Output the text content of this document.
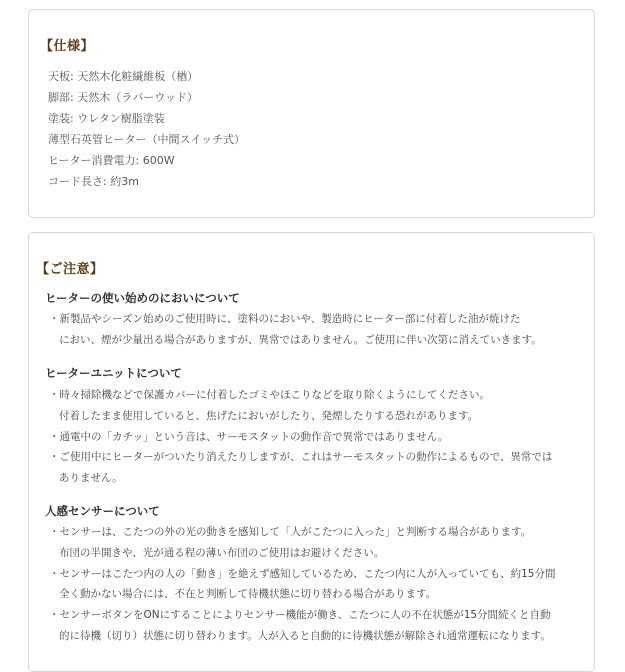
【仕様】
天板: 天然木化粧繊維板（楢）
脚部: 天然木（ラバーウッド）
塗装: ウレタン樹脂塗装
薄型石英管ヒーター（中間スイッチ式）
ヒーター消費電力: 600W
コード長さ: 約3m
【ご注意】
ヒーターの使い始めのにおいについて
・新製品やシーズン始めのご使用時に、塗料のにおいや、製造時にヒーター部に付着した油が焼けた
におい、煙が少量出る場合がありますが、異常ではありません。ご使用に伴い次第に消えていきます。
ヒーターユニットについて
・時々掃除機などで保護カバーに付着したゴミやほこりなどを取り除くようにしてください。
付着したまま使用していると、焦げたにおいがしたり、発煙したりする恐れがあります。
・通電中の「カチッ」という音は、サーモスタットの動作音で異常ではありません。
・ご使用中にヒーターがついたり消えたりしますが、これはサーモスタットの動作によるもので、異常では
ありません。
人感センサーについて
・センサーは、こたつの外の光の動きを感知して「人がこたつに入った」と判断する場合があります。
布団の半開きや、光が通る程の薄い布団のご使用はお避けください。
・センサーはこたつ内の人の「動き」を絶えず感知しているため、こたつ内に人が入っていても、約15分間
全く動かない場合には、不在と判断して待機状態に切り替わる場合があります。
・センサーボタンをONにすることによりセンサー機能が働き、こたつに人の不在状態が15分間続くと自動
的に待機（切り）状態に切り替わります。人が入ると自動的に待機状態が解除され通常運転になります。
